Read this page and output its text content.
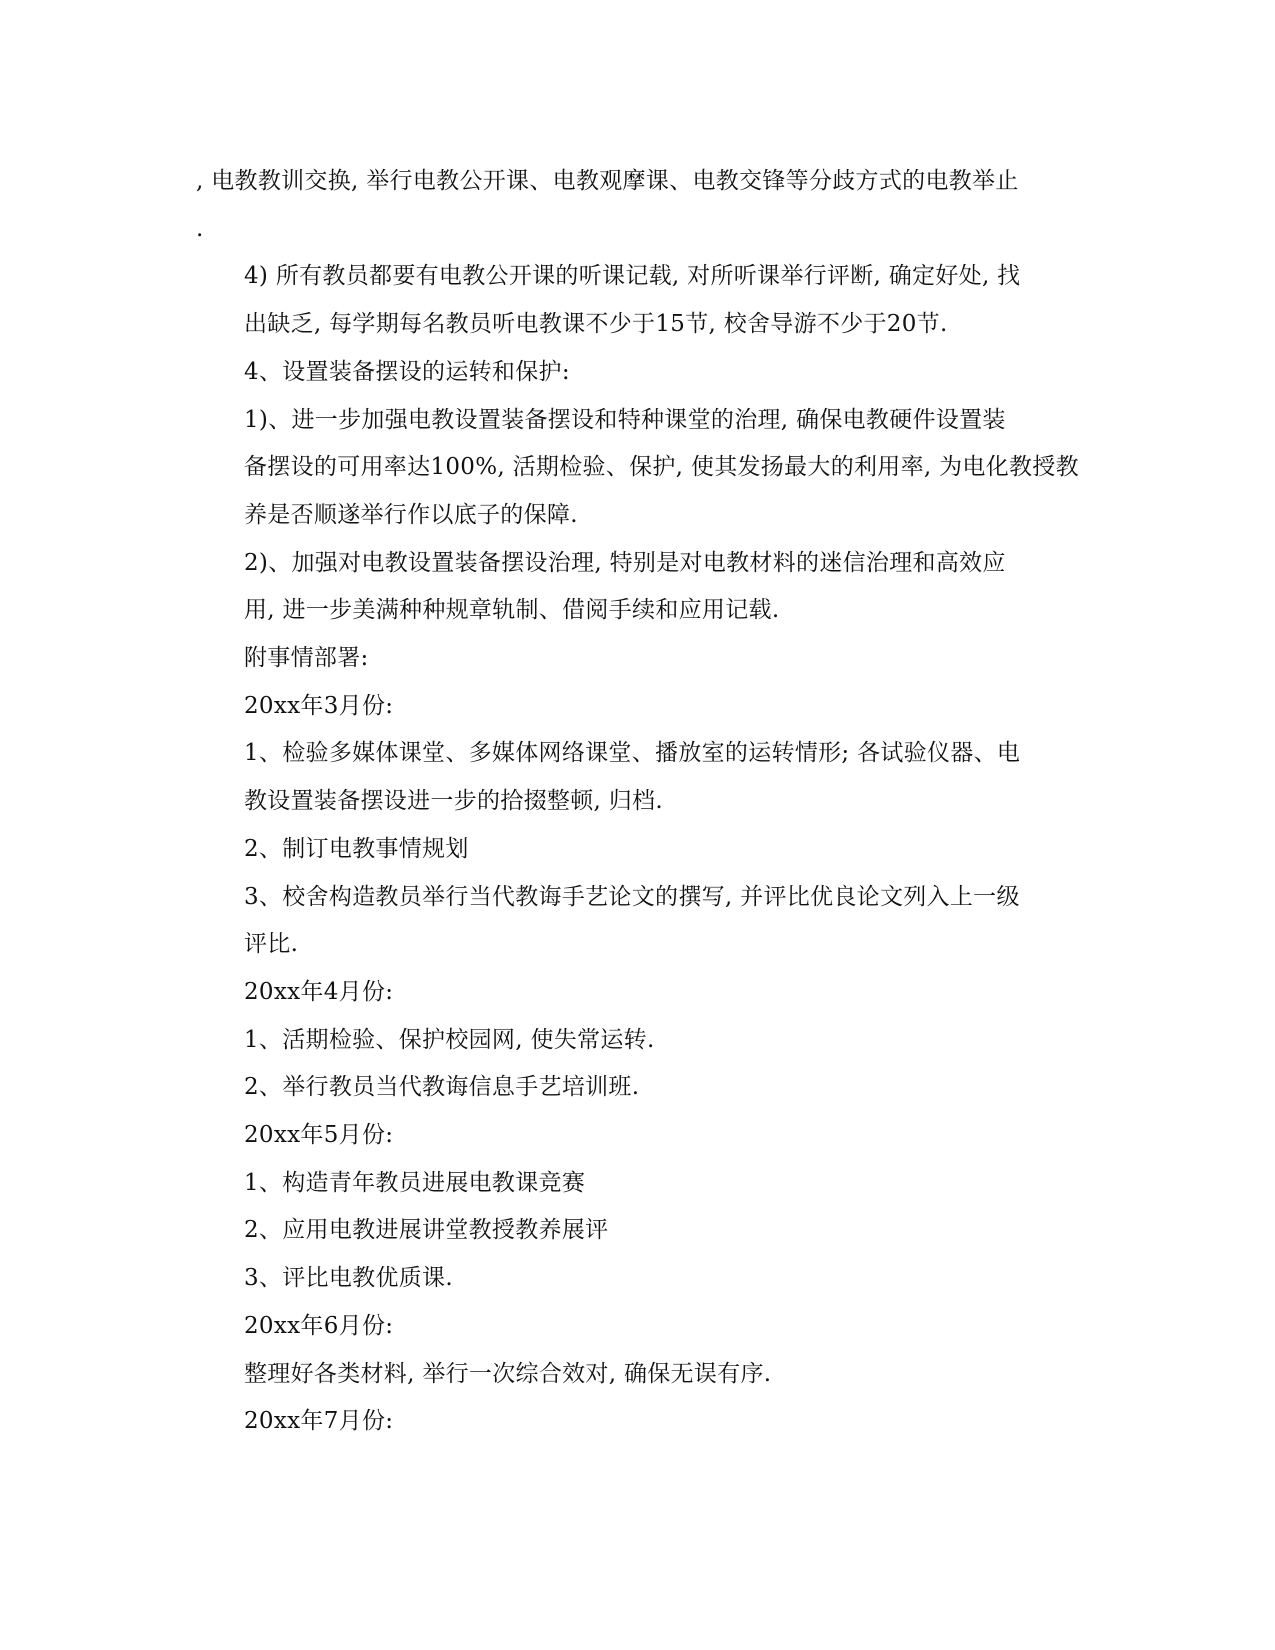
, 电教教训交换, 举行电教公开课、电教观摩课、电教交锋等分歧方式的电教举止
.

4) 所有教员都要有电教公开课的听课记载, 对所听课举行评断, 确定好处, 找
出缺乏, 每学期每名教员听电教课不少于15节, 校舍导游不少于20节.

4、设置装备摆设的运转和保护:

1)、进一步加强电教设置装备摆设和特种课堂的治理, 确保电教硬件设置装
备摆设的可用率达100%, 活期检验、保护, 使其发扬最大的利用率, 为电化教授教
养是否顺遂举行作以底子的保障.

2)、加强对电教设置装备摆设治理, 特别是对电教材料的迷信治理和高效应
用, 进一步美满种种规章轨制、借阅手续和应用记载.

附事情部署:

20xx年3月份:

1、检验多媒体课堂、多媒体网络课堂、播放室的运转情形; 各试验仪器、电
教设置装备摆设进一步的拾掇整顿, 归档.

2、制订电教事情规划

3、校舍构造教员举行当代教诲手艺论文的撰写, 并评比优良论文列入上一级
评比.

20xx年4月份:

1、活期检验、保护校园网, 使失常运转.

2、举行教员当代教诲信息手艺培训班.

20xx年5月份:

1、构造青年教员进展电教课竞赛

2、应用电教进展讲堂教授教养展评

3、评比电教优质课.

20xx年6月份:

整理好各类材料, 举行一次综合效对, 确保无误有序.

20xx年7月份:
